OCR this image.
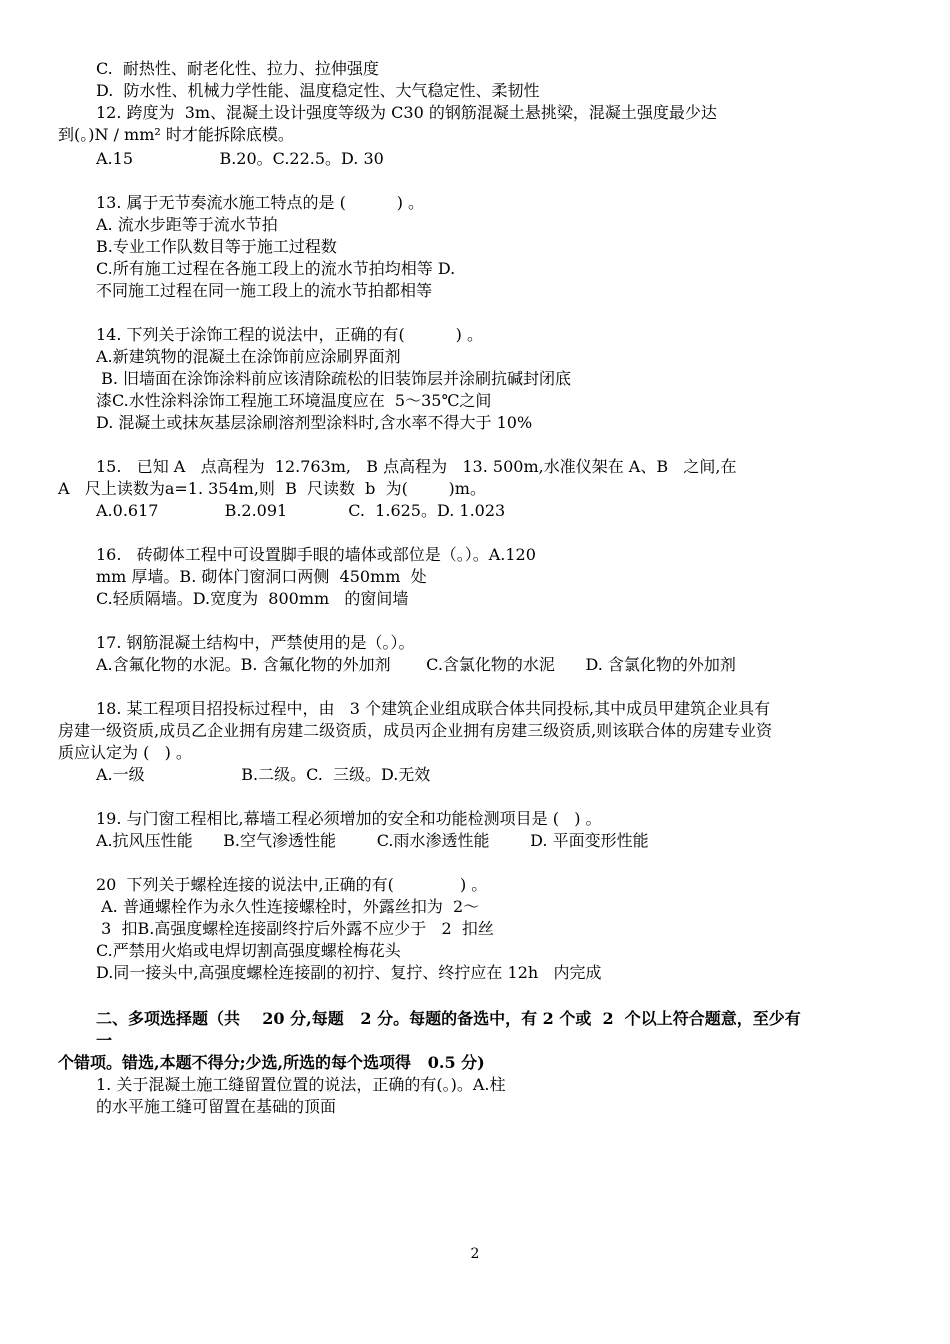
C.  耐热性、耐老化性、拉力、拉伸强度
D.  防水性、机械力学性能、温度稳定性、大气稳定性、柔韧性
12. 跨度为  3m、混凝土设计强度等级为 C30 的钢筋混凝土悬挑梁，混凝土强度最少达
到(。)N / mm² 时才能拆除底模。
A.15                 B.20。C.22.5。D. 30
13. 属于无节奏流水施工特点的是 (          ) 。
A. 流水步距等于流水节拍
B.专业工作队数目等于施工过程数
C.所有施工过程在各施工段上的流水节拍均相等 D.
不同施工过程在同一施工段上的流水节拍都相等
14. 下列关于涂饰工程的说法中，正确的有(          ) 。
A.新建筑物的混凝土在涂饰前应涂刷界面剂
B. 旧墙面在涂饰涂料前应该清除疏松的旧装饰层并涂刷抗碱封闭底
漆C.水性涂料涂饰工程施工环境温度应在  5～35℃之间
D. 混凝土或抹灰基层涂刷溶剂型涂料时,含水率不得大于 10%
15.   已知 A   点高程为  12.763m,   B 点高程为   13. 500m,水准仪架在 A、B   之间,在
A   尺上读数为a=1. 354m,则  B  尺读数  b  为(        )m。
A.0.617             B.2.091            C.  1.625。D. 1.023
16.   砖砌体工程中可设置脚手眼的墙体或部位是（。）。A.120
mm 厚墙。B. 砌体门窗洞口两侧  450mm  处
C.轻质隔墙。D.宽度为  800mm   的窗间墙
17. 钢筋混凝土结构中，严禁使用的是（。）。
A.含氟化物的水泥。B. 含氟化物的外加剂       C.含氯化物的水泥      D. 含氯化物的外加剂
18. 某工程项目招投标过程中，由   3 个建筑企业组成联合体共同投标,其中成员甲建筑企业具有
房建一级资质,成员乙企业拥有房建二级资质，成员丙企业拥有房建三级资质,则该联合体的房建专业资
质应认定为 (   ) 。
A.一级                   B.二级。C.  三级。D.无效
19. 与门窗工程相比,幕墙工程必须增加的安全和功能检测项目是 (   ) 。
A.抗风压性能      B.空气渗透性能        C.雨水渗透性能        D. 平面变形性能
20  下列关于螺栓连接的说法中,正确的有(             ) 。
A. 普通螺栓作为永久性连接螺栓时，外露丝扣为  2～
3  扣B.高强度螺栓连接副终拧后外露不应少于   2  扣丝
C.严禁用火焰或电焊切割高强度螺栓梅花头
D.同一接头中,高强度螺栓连接副的初拧、复拧、终拧应在 12h   内完成
二、多项选择题（共    20 分,每题   2 分。每题的备选中，有 2 个或  2  个以上符合题意，至少有
一
个错项。错选,本题不得分;少选,所选的每个选项得   0.5 分)
1. 关于混凝土施工缝留置位置的说法，正确的有(。)。A.柱
的水平施工缝可留置在基础的顶面
2
